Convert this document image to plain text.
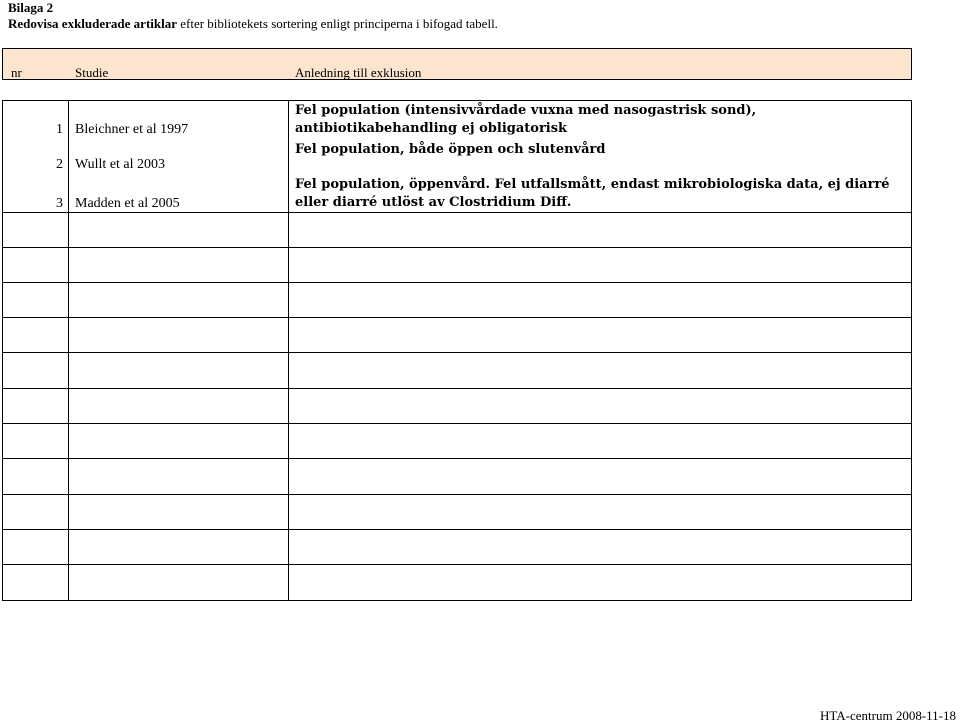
Bilaga 2
Redovisa exkluderade artiklar efter bibliotekets sortering enligt principerna i bifogad tabell.
nr	Studie	Anledning till exklusion
1 Bleichner et al 1997
Fel population (intensivvårdade vuxna med nasogastrisk sond), antibiotikabehandling ej obligatorisk
2 Wullt et al 2003
Fel population, både öppen och slutenvård
3 Madden et al 2005
Fel population, öppenvård. Fel utfallsmått, endast mikrobiologiska data, ej diarré eller diarré utlöst av Clostridium Diff.
HTA-centrum 2008-11-18
